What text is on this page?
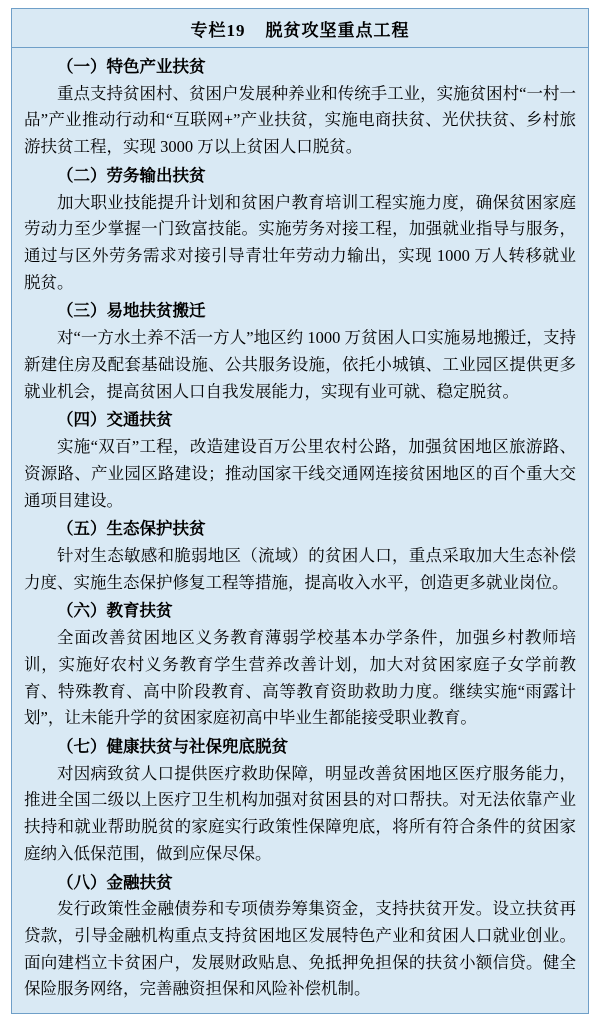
专栏19 脱贫攻坚重点工程

（一）特色产业扶贫

重点支持贫困村、贫困户发展种养业和传统手工业，实施贫困村“一村一品”产业推动行动和“互联网+”产业扶贫，实施电商扶贫、光伏扶贫、乡村旅游扶贫工程，实现 3000 万以上贫困人口脱贫。

（二）劳务输出扶贫

加大职业技能提升计划和贫困户教育培训工程实施力度，确保贫困家庭劳动力至少掌握一门致富技能。实施劳务对接工程，加强就业指导与服务，通过与区外劳务需求对接引导青壮年劳动力输出，实现 1000 万人转移就业脱贫。

（三）易地扶贫搬迁

对“一方水土养不活一方人”地区约 1000 万贫困人口实施易地搬迁，支持新建住房及配套基础设施、公共服务设施，依托小城镇、工业园区提供更多就业机会，提高贫困人口自我发展能力，实现有业可就、稳定脱贫。

（四）交通扶贫

实施“双百”工程，改造建设百万公里农村公路，加强贫困地区旅游路、资源路、产业园区路建设；推动国家干线交通网连接贫困地区的百个重大交通项目建设。

（五）生态保护扶贫

针对生态敏感和脆弱地区（流域）的贫困人口，重点采取加大生态补偿力度、实施生态保护修复工程等措施，提高收入水平，创造更多就业岗位。

（六）教育扶贫

全面改善贫困地区义务教育薄弱学校基本办学条件，加强乡村教师培训，实施好农村义务教育学生营养改善计划，加大对贫困家庭子女学前教育、特殊教育、高中阶段教育、高等教育资助救助力度。继续实施“雨露计划”，让未能升学的贫困家庭初高中毕业生都能接受职业教育。

（七）健康扶贫与社保兜底脱贫

对因病致贫人口提供医疗救助保障，明显改善贫困地区医疗服务能力，推进全国二级以上医疗卫生机构加强对贫困县的对口帮扶。对无法依靠产业扶持和就业帮助脱贫的家庭实行政策性保障兜底，将所有符合条件的贫困家庭纳入低保范围，做到应保尽保。

（八）金融扶贫

发行政策性金融债券和专项债券筹集资金，支持扶贫开发。设立扶贫再贷款，引导金融机构重点支持贫困地区发展特色产业和贫困人口就业创业。面向建档立卡贫困户，发展财政贴息、免抵押免担保的扶贫小额信贷。健全保险服务网络，完善融资担保和风险补偿机制。
